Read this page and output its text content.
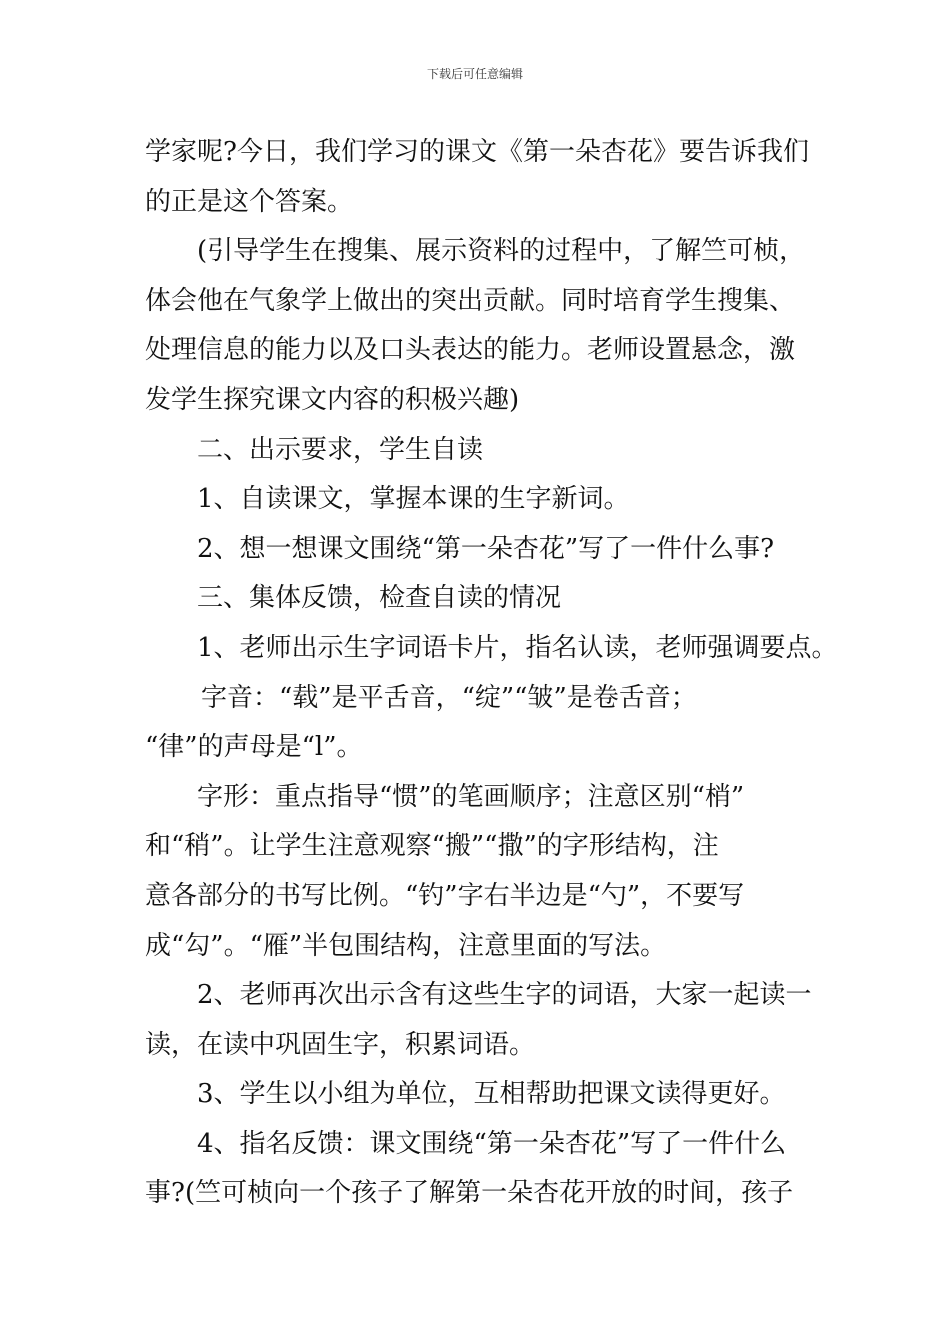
下载后可任意编辑
学家呢?今日，我们学习的课文《第一朵杏花》要告诉我们
的正是这个答案。
(引导学生在搜集、展示资料的过程中，了解竺可桢，
体会他在气象学上做出的突出贡献。同时培育学生搜集、
处理信息的能力以及口头表达的能力。老师设置悬念，激
发学生探究课文内容的积极兴趣)
二、出示要求，学生自读
1、自读课文，掌握本课的生字新词。
2、想一想课文围绕“第一朵杏花”写了一件什么事?
三、集体反馈，检查自读的情况
1、老师出示生字词语卡片，指名认读，老师强调要点。
字音：“载”是平舌音，“绽”“皱”是卷舌音；
“律”的声母是“l”。
字形：重点指导“惯”的笔画顺序；注意区别“梢”
和“稍”。让学生注意观察“搬”“撒”的字形结构，注
意各部分的书写比例。“钓”字右半边是“勺”，不要写
成“勾”。“雁”半包围结构，注意里面的写法。
2、老师再次出示含有这些生字的词语，大家一起读一
读，在读中巩固生字，积累词语。
3、学生以小组为单位，互相帮助把课文读得更好。
4、指名反馈：课文围绕“第一朵杏花”写了一件什么
事?(竺可桢向一个孩子了解第一朵杏花开放的时间，孩子
